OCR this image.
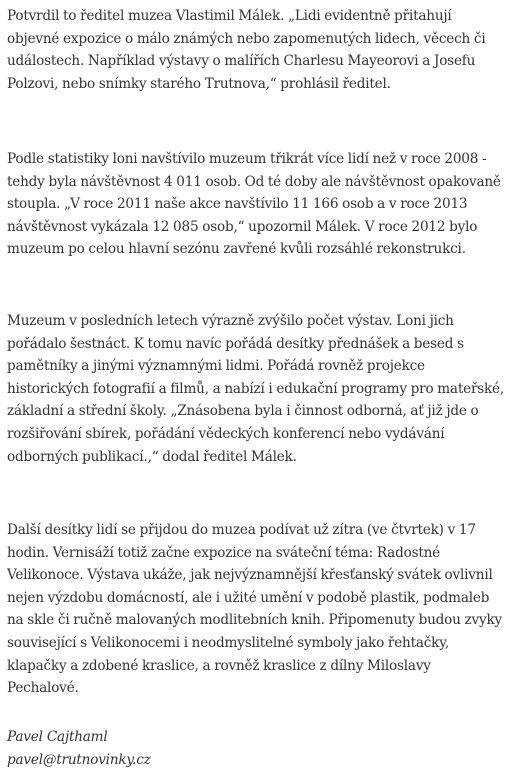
Potvrdil to ředitel muzea Vlastimil Málek. „Lidi evidentně přitahují objevné expozice o málo známých nebo zapomenutých lidech, věcech či událostech. Například výstavy o malířích Charlesu Mayeorovi a Josefu Polzovi, nebo snímky starého Trutnova,“ prohlásil ředitel.

Podle statistiky loni navštívilo muzeum třikrát více lidí než v roce 2008 - tehdy byla návštěvnost 4 011 osob. Od té doby ale návštěvnost opakovaně stoupla. „V roce 2011 naše akce navštívilo 11 166 osob a v roce 2013 návštěvnost vykázala 12 085 osob,“ upozornil Málek. V roce 2012 bylo muzeum po celou hlavní sezónu zavřené kvůli rozsáhlé rekonstrukci.

Muzeum v posledních letech výrazně zvýšilo počet výstav. Loni jich pořádalo šestnáct. K tomu navíc pořádá desítky přednášek a besed s pamětníky a jinými významnými lidmi. Pořádá rovněž projekce historických fotografií a filmů, a nabízí i edukační programy pro mateřské, základní a střední školy. „Znásobena byla i činnost odborná, ať již jde o rozšiřování sbírek, pořádání vědeckých konferencí nebo vydávání odborných publikací.,“ dodal ředitel Málek.

Další desítky lidí se přijdou do muzea podívat už zítra (ve čtvrtek) v 17 hodin. Vernisáží totiž začne expozice na sváteční téma: Radostné Velikonoce. Výstava ukáže, jak nejvýznamnější křesťanský svátek ovlivnil nejen výzdobu domácností, ale i užité umění v podobě plastik, podmaleb na skle či ručně malovaných modlitebních knih. Připomenuty budou zvyky související s Velikonocemi i neodmyslitelné symboly jako řehtačky, klapačky a zdobené kraslice, a rovněž kraslice z dílny Miloslavy Pechalové.

Pavel Cajthaml
pavel@trutnovinky.cz
